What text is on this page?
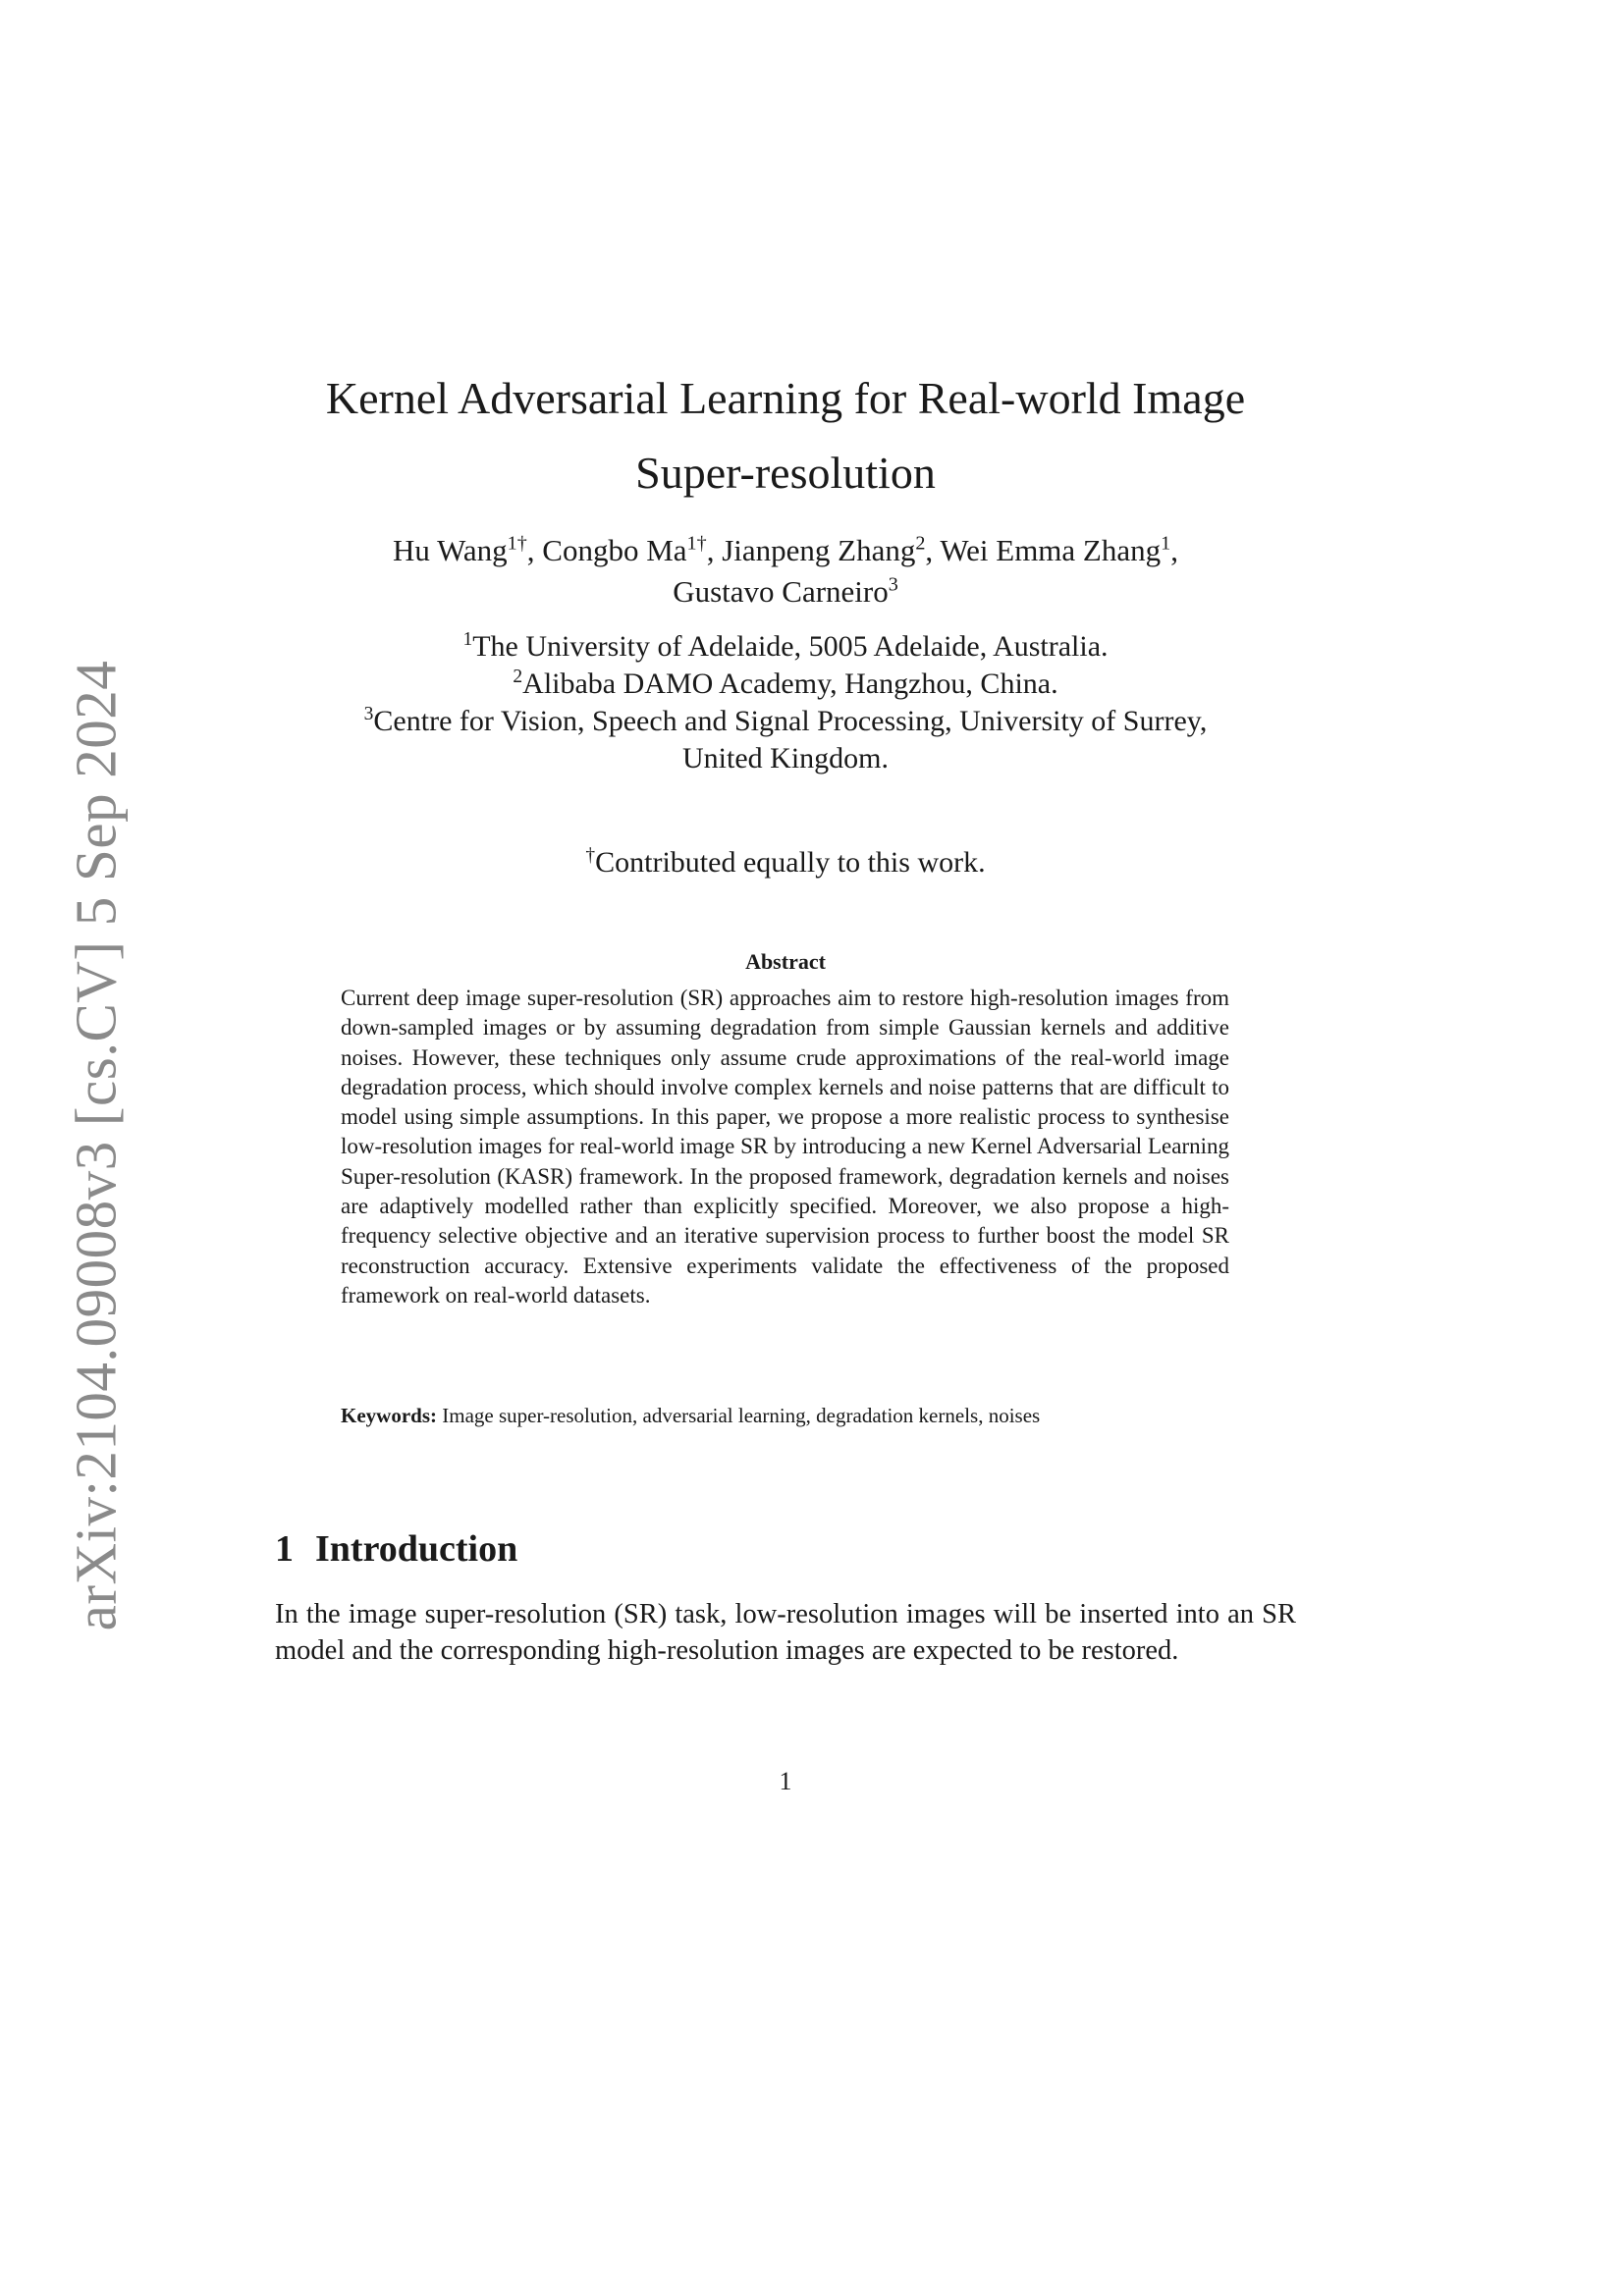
arXiv:2104.09008v3 [cs.CV] 5 Sep 2024
Kernel Adversarial Learning for Real-world Image
Super-resolution
Hu Wang$^{1\dagger}$, Congbo $Ma^{1\dagger}$, Jianpeng Zhang$^2$, Wei Emma Zhang$^1$,
Gustavo Carneiro$^3$
$^1$The University of Adelaide, 5005 Adelaide, Australia.
$^2$Alibaba DAMO Academy, Hangzhou, China.
$^3$Centre for Vision, Speech and Signal Processing, University of Surrey,
United Kingdom.
†Contributed equally to this work.
Abstract

Current deep image super-resolution (SR) approaches aim to restore high-resolution images from down-sampled images or by assuming degradation from simple Gaussian kernels and additive noises. However, these techniques only assume crude approximations of the real-world image degradation process, which should involve complex kernels and noise patterns that are difficult to model using simple assumptions. In this paper, we propose a more realistic process to synthesise low-resolution images for real-world image SR by introducing a new Kernel Adversarial Learning Super-resolution (KASR) framework. In the proposed framework, degradation kernels and noises are adaptively modelled rather than explicitly specified. Moreover, we also propose a high-frequency selective objective and an iterative supervision process to further boost the model SR reconstruction accuracy. Extensive experiments validate the effectiveness of the proposed framework on real-world datasets.

Keywords: Image super-resolution, adversarial learning, degradation kernels, noises

1 Introduction

In the image super-resolution (SR) task, low-resolution images will be inserted into an SR model and the corresponding high-resolution images are expected to be restored.

1
